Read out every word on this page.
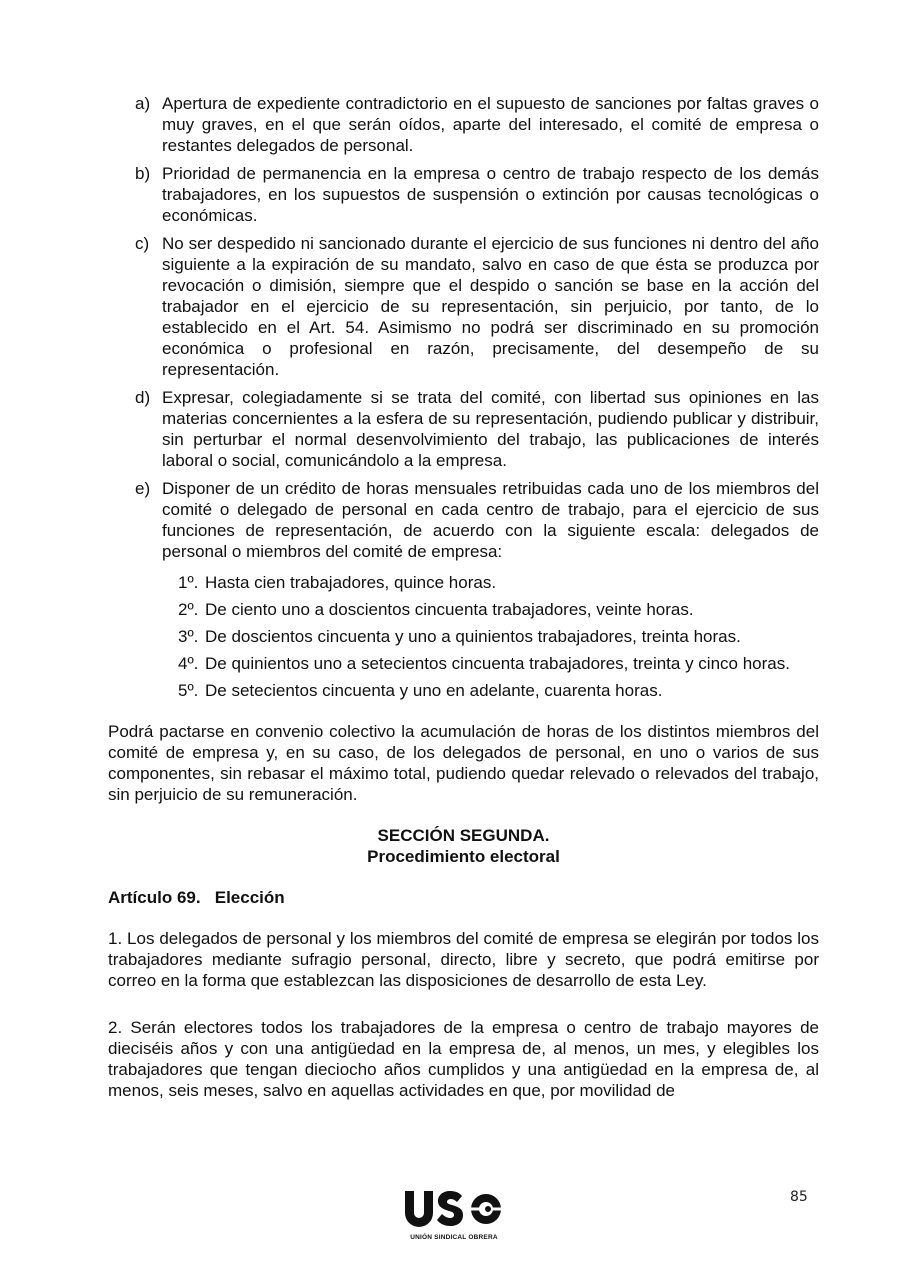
a) Apertura de expediente contradictorio en el supuesto de sanciones por faltas graves o muy graves, en el que serán oídos, aparte del interesado, el comité de empresa o restantes delegados de personal.
b) Prioridad de permanencia en la empresa o centro de trabajo respecto de los demás trabajadores, en los supuestos de suspensión o extinción por causas tecnológicas o económicas.
c) No ser despedido ni sancionado durante el ejercicio de sus funciones ni dentro del año siguiente a la expiración de su mandato, salvo en caso de que ésta se produzca por revocación o dimisión, siempre que el despido o sanción se base en la acción del trabajador en el ejercicio de su representación, sin perjuicio, por tanto, de lo establecido en el Art. 54. Asimismo no podrá ser discriminado en su promoción económica o profesional en razón, precisamente, del desempeño de su representación.
d) Expresar, colegiadamente si se trata del comité, con libertad sus opiniones en las materias concernientes a la esfera de su representación, pudiendo publicar y distribuir, sin perturbar el normal desenvolvimiento del trabajo, las publicaciones de interés laboral o social, comunicándolo a la empresa.
e) Disponer de un crédito de horas mensuales retribuidas cada uno de los miembros del comité o delegado de personal en cada centro de trabajo, para el ejercicio de sus funciones de representación, de acuerdo con la siguiente escala: delegados de personal o miembros del comité de empresa:
1º. Hasta cien trabajadores, quince horas.
2º. De ciento uno a doscientos cincuenta trabajadores, veinte horas.
3º. De doscientos cincuenta y uno a quinientos trabajadores, treinta horas.
4º. De quinientos uno a setecientos cincuenta trabajadores, treinta y cinco horas.
5º. De setecientos cincuenta y uno en adelante, cuarenta horas.

Podrá pactarse en convenio colectivo la acumulación de horas de los distintos miembros del comité de empresa y, en su caso, de los delegados de personal, en uno o varios de sus componentes, sin rebasar el máximo total, pudiendo quedar relevado o relevados del trabajo, sin perjuicio de su remuneración.

SECCIÓN SEGUNDA.
Procedimiento electoral
Artículo 69.   Elección

1. Los delegados de personal y los miembros del comité de empresa se elegirán por todos los trabajadores mediante sufragio personal, directo, libre y secreto, que podrá emitirse por correo en la forma que establezcan las disposiciones de desarrollo de esta Ley.

2. Serán electores todos los trabajadores de la empresa o centro de trabajo mayores de dieciséis años y con una antigüedad en la empresa de, al menos, un mes, y elegibles los trabajadores que tengan dieciocho años cumplidos y una antigüedad en la empresa de, al menos, seis meses, salvo en aquellas actividades en que, por movilidad de

85
UNIÓN SINDICAL OBRERA
